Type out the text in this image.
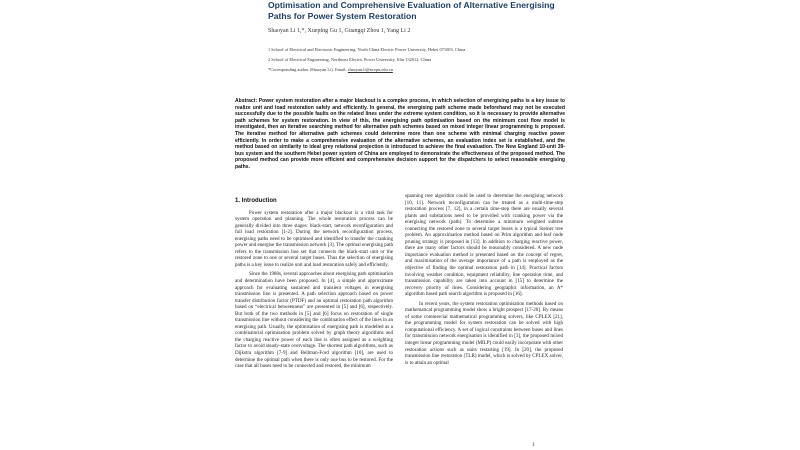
Optimisation and Comprehensive Evaluation of Alternative Energising Paths for Power System Restoration
Shaoyan Li 1,*, Xueping Gu 1, Guangqi Zhou 1, Yang Li 2
1 School of Electrical and Electronic Engineering, North China Electric Power University, Hebei 071003, China
2 School of Electrical Engineering, Northeast Electric Power University, Jilin 132012, China
*Corresponding author (Shaoyan Li). Email: shaoyan.li@ncepu.edu.cn
Abstract: Power system restoration after a major blackout is a complex process, in which selection of energising paths is a key issue to realize unit and load restoration safely and efficiently. In general, the energising path scheme made beforehand may not be executed successfully due to the possible faults on the related lines under the extreme system condition, so it is necessary to provide alternative path schemes for system restoration. In view of this, the energising path optimisation based on the minimum cost flow model is investigated, then an iterative searching method for alternative path schemes based on mixed integer linear programming is proposed. The iterative method for alternative path schemes could determine more than one scheme with minimal charging reactive power efficiently. In order to make a comprehensive evaluation of the alternative schemes, an evaluation index set is established, and the method based on similarity to ideal grey relational projection is introduced to achieve the final evaluation. The New England 10-unit 39-bus system and the southern Hebei power system of China are employed to demonstrate the effectiveness of the proposed method. The proposed method can provide more efficient and comprehensive decision support for the dispatchers to select reasonable energising paths.
1. Introduction

Power system restoration after a major blackout is a vital task for system operation and planning. The whole restoration process can be generally divided into three stages: black-start, network reconfiguration and full load restoration [1-2]. During the network reconfiguration process, energising paths need to be optimised and identified to transfer the cranking power and energise the transmission network [3]. The optimal energising path refers to the transmission line set that connects the black-start unit or the restored zone to one or several target buses. Thus the selection of energising paths is a key issue to realize unit and load restoration safely and efficiently.

Since the 1980s, several approaches about energising path optimisation and determination have been proposed. In [4], a simple and approximate approach for evaluating sustained and transient voltages in energising transmission line is presented. A path selection approach based on power transfer distribution factor (PTDF) and an optimal restoration path algorithm based on “electrical betweenness” are presented in [5] and [6], respectively. But both of the two methods in [5] and [6] focus on restoration of single transmission line without considering the combination effect of the lines in an energising path. Usually, the optimisation of energising path is modelled as a combinatorial optimisation problem solved by graph theory algorithms and the charging reactive power of each line is often assigned as a weighting factor to avoid steady-state overvoltage. The shortest path algorithms, such as Dijkstra algorithm [7-9] and Bellman-Ford algorithm [10], are used to determine the optimal path when there is only one bus to be restored. For the case that all buses need to be connected and restored, the minimum

spanning tree algorithm could be used to determine the energising network [10, 11]. Network reconfiguration can be treated as a multi-time-step restoration process [7, 12], in a certain time-step there are usually several plants and substations need to be provided with cranking power via the energising network (path). To determine a minimum weighted subtree connecting the restored zone to several target buses is a typical Steiner tree problem. An approximation method based on Prim algorithm and leaf node pruning strategy is proposed in [13]. In addition to charging reactive power, there are many other factors should be reasonably considered. A new node importance evaluation method is presented based on the concept of regret, and maximisation of the average importance of a path is employed as the objective of finding the optimal restoration path in [14]. Practical factors involving weather condition, equipment reliability, line operation time, and transmission capability are taken into account in [15] to determine the recovery priority of lines. Considering geographic information, an A* algorithm based path search algorithm is proposed in [16].

In recent years, the system restoration optimisation methods based on mathematical programming model show a bright prospect [17-20]. By means of some commercial mathematical programming solvers, like CPLEX [21], the programming model for system restoration can be solved with high computational efficiency. A set of logical constraints between buses and lines for transmission network energisation is identified in [3], the proposed mixed integer linear programming model (MILP) could easily incorporate with other restoration actions such as units restarting [19]. In [20], the proposed transmission line restoration (TLR) model, which is solved by CPLEX solver, is to attain an optimal

1
